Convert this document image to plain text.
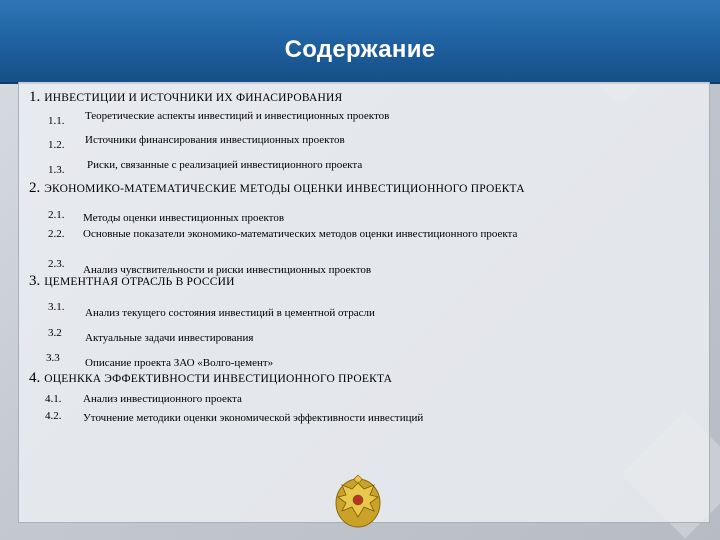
Содержание
1. ИНВЕСТИЦИИ И ИСТОЧНИКИ ИХ ФИНАСИРОВАНИЯ
1.1. Теоретические аспекты инвестиций и инвестиционных проектов
1.2. Источники финансирования инвестиционных проектов
1.3. Риски, связанные с реализацией инвестиционного проекта
2. ЭКОНОМИКО-МАТЕМАТИЧЕСКИЕ МЕТОДЫ ОЦЕНКИ ИНВЕСТИЦИОННОГО ПРОЕКТА
2.1. Методы оценки инвестиционных проектов
2.2. Основные показатели экономико-математических методов оценки инвестиционного проекта
2.3. Анализ чувствительности и риски инвестиционных проектов
3. ЦЕМЕНТНАЯ ОТРАСЛЬ В РОССИИ
3.1. Анализ текущего состояния инвестиций в цементной отрасли
3.2 Актуальные задачи инвестирования
3.3 Описание проекта ЗАО «Волго-цемент»
4. ОЦЕНККА ЭФФЕКТИВНОСТИ ИНВЕСТИЦИОННОГО ПРОЕКТА
4.1. Анализ инвестиционного проекта
4.2. Уточнение методики оценки экономической эффективности инвестиций
